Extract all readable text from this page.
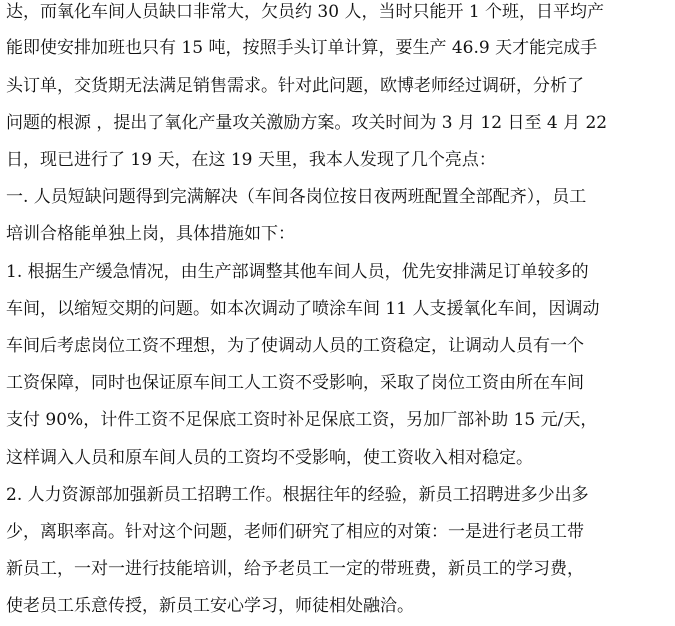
达，而氧化车间人员缺口非常大，欠员约 30 人，当时只能开 1 个班，日平均产
能即使安排加班也只有 15 吨，按照手头订单计算，要生产 46.9 天才能完成手
头订单，交货期无法满足销售需求。针对此问题，欧博老师经过调研，分析了
问题的根源 ，提出了氧化产量攻关激励方案。攻关时间为 3 月 12 日至 4 月 22
日，现已进行了 19 天，在这 19 天里，我本人发现了几个亮点：
一. 人员短缺问题得到完满解决（车间各岗位按日夜两班配置全部配齐），员工
培训合格能单独上岗，具体措施如下：
1. 根据生产缓急情况，由生产部调整其他车间人员，优先安排满足订单较多的
车间，以缩短交期的问题。如本次调动了喷涂车间 11 人支援氧化车间，因调动
车间后考虑岗位工资不理想，为了使调动人员的工资稳定，让调动人员有一个
工资保障，同时也保证原车间工人工资不受影响，采取了岗位工资由所在车间
支付 90%，计件工资不足保底工资时补足保底工资，另加厂部补助 15 元/天，
这样调入人员和原车间人员的工资均不受影响，使工资收入相对稳定。
2. 人力资源部加强新员工招聘工作。根据往年的经验，新员工招聘进多少出多
少，离职率高。针对这个问题，老师们研究了相应的对策：一是进行老员工带
新员工，一对一进行技能培训，给予老员工一定的带班费，新员工的学习费，
使老员工乐意传授，新员工安心学习，师徒相处融洽。
